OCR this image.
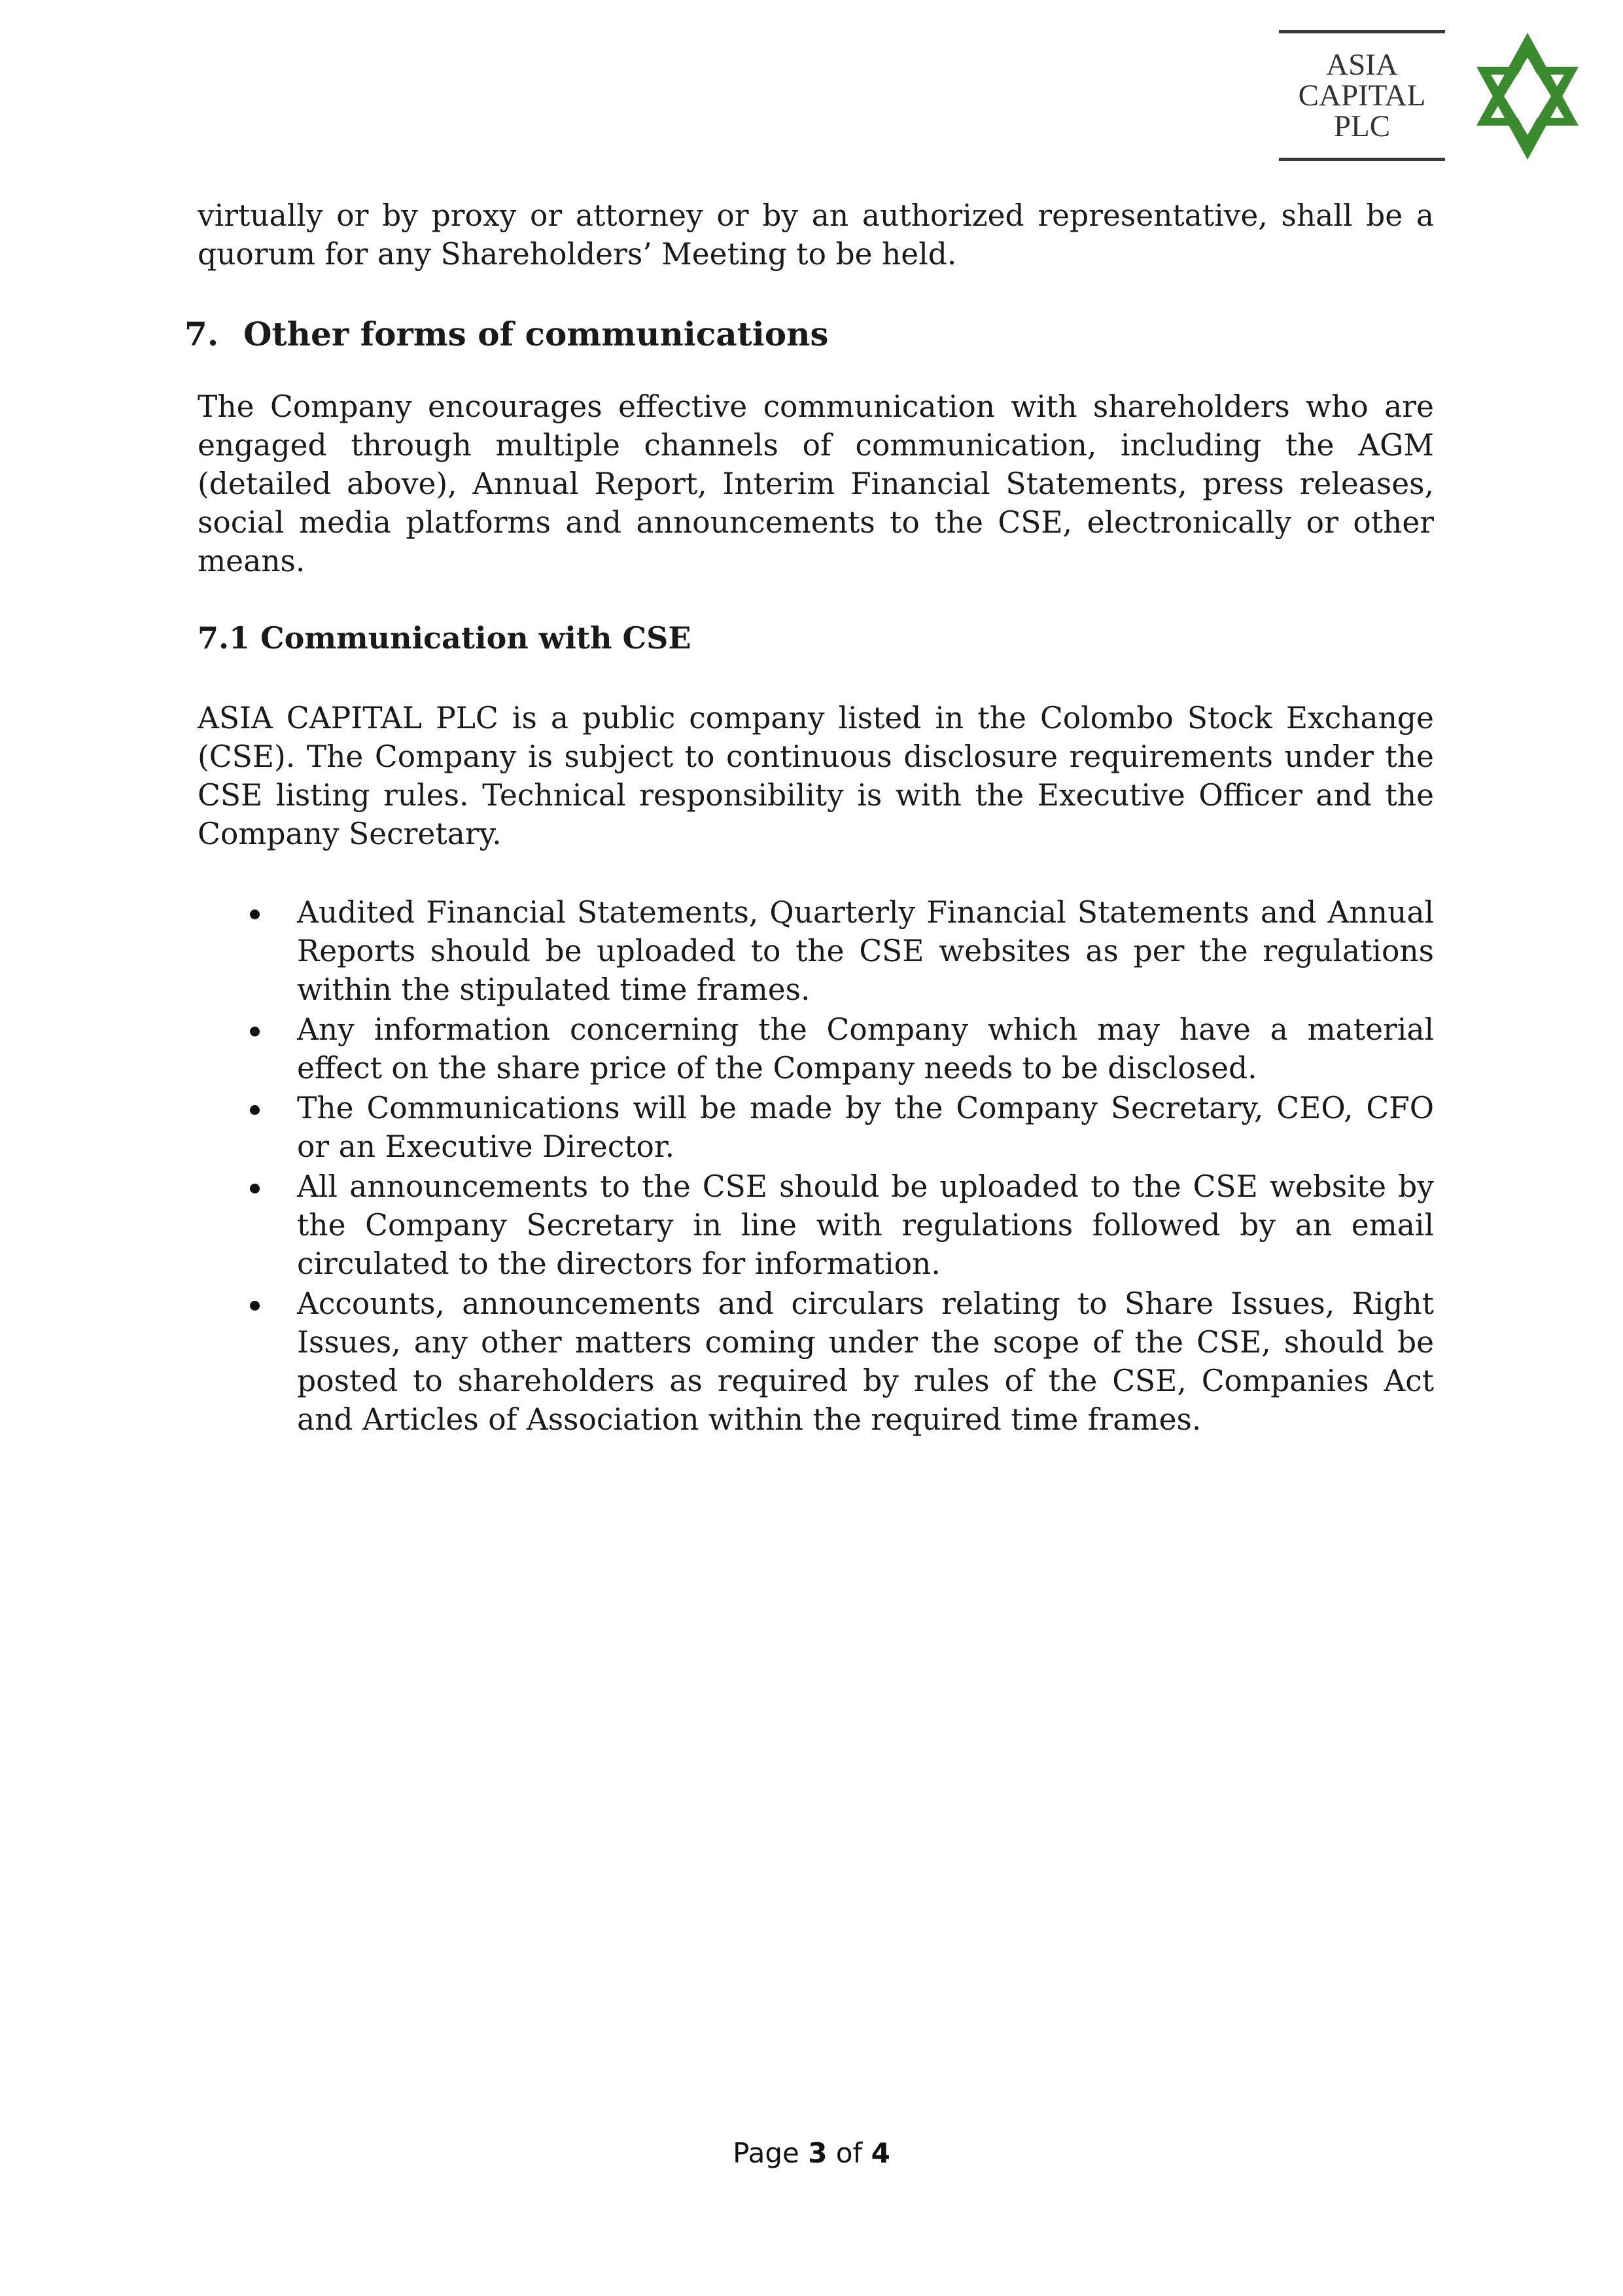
ASIA
CAPITAL
PLC

virtually or by proxy or attorney or by an authorized representative, shall be a quorum for any Shareholders’ Meeting to be held.

7. Other forms of communications

The Company encourages effective communication with shareholders who are engaged through multiple channels of communication, including the AGM (detailed above), Annual Report, Interim Financial Statements, press releases, social media platforms and announcements to the CSE, electronically or other means.

7.1 Communication with CSE

ASIA CAPITAL PLC is a public company listed in the Colombo Stock Exchange (CSE). The Company is subject to continuous disclosure requirements under the CSE listing rules. Technical responsibility is with the Executive Officer and the Company Secretary.

Audited Financial Statements, Quarterly Financial Statements and Annual Reports should be uploaded to the CSE websites as per the regulations within the stipulated time frames.
Any information concerning the Company which may have a material effect on the share price of the Company needs to be disclosed.
The Communications will be made by the Company Secretary, CEO, CFO or an Executive Director.
All announcements to the CSE should be uploaded to the CSE website by the Company Secretary in line with regulations followed by an email circulated to the directors for information.
Accounts, announcements and circulars relating to Share Issues, Right Issues, any other matters coming under the scope of the CSE, should be posted to shareholders as required by rules of the CSE, Companies Act and Articles of Association within the required time frames.
Page 3 of 4
